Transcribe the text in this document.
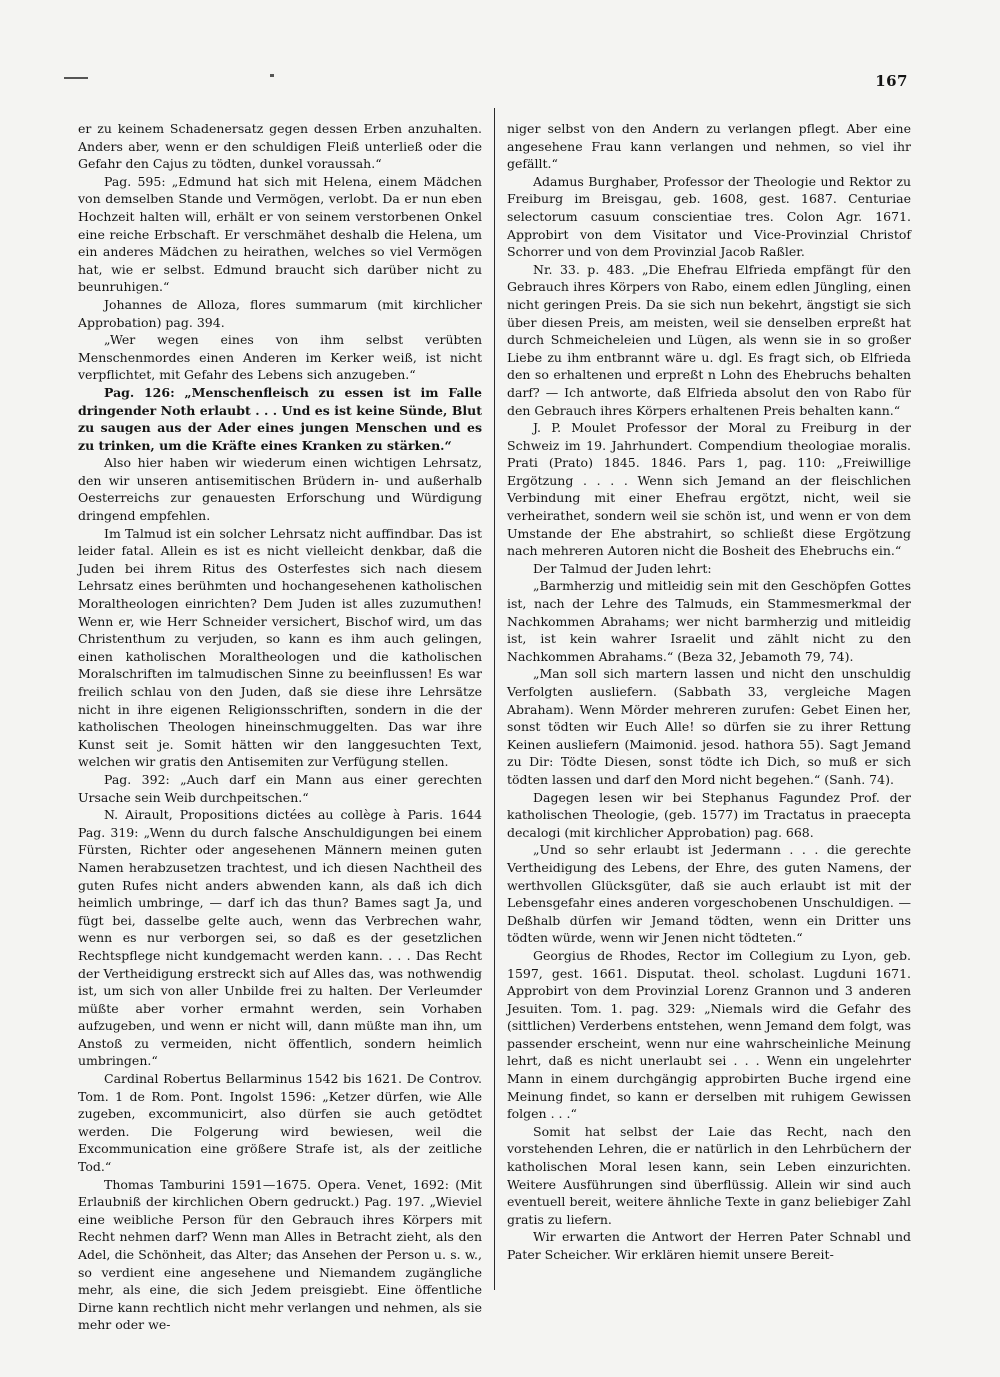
167

er zu keinem Schadenersatz gegen dessen Erben anzuhalten. Anders aber, wenn er den schuldigen Fleiß unterließ oder die Gefahr den Cajus zu tödten, dunkel voraussah.“

Pag. 595: „Edmund hat sich mit Helena, einem Mädchen von demselben Stande und Vermögen, verlobt. Da er nun eben Hochzeit halten will, erhält er von seinem verstorbenen Onkel eine reiche Erbschaft. Er verschmähet deshalb die Helena, um ein anderes Mädchen zu heirathen, welches so viel Vermögen hat, wie er selbst. Edmund braucht sich darüber nicht zu beunruhigen.“

Johannes de Alloza, flores summarum (mit kirchlicher Approbation) pag. 394.

„Wer wegen eines von ihm selbst verübten Menschenmordes einen Anderen im Kerker weiß, ist nicht verpflichtet, mit Gefahr des Lebens sich anzugeben.“

Pag. 126: „Menschenfleisch zu essen ist im Falle dringender Noth erlaubt . . . Und es ist keine Sünde, Blut zu saugen aus der Ader eines jungen Menschen und es zu trinken, um die Kräfte eines Kranken zu stärken.“

Also hier haben wir wiederum einen wichtigen Lehrsatz, den wir unseren antisemitischen Brüdern in- und außerhalb Oesterreichs zur genauesten Erforschung und Würdigung dringend empfehlen.

Im Talmud ist ein solcher Lehrsatz nicht auffindbar. Das ist leider fatal. Allein es ist es nicht vielleicht denkbar, daß die Juden bei ihrem Ritus des Osterfestes sich nach diesem Lehrsatz eines berühmten und hochangesehenen katholischen Moraltheologen einrichten? Dem Juden ist alles zuzumuthen! Wenn er, wie Herr Schneider versichert, Bischof wird, um das Christenthum zu verjuden, so kann es ihm auch gelingen, einen katholischen Moraltheologen und die katholischen Moralschriften im talmudischen Sinne zu beeinflussen! Es war freilich schlau von den Juden, daß sie diese ihre Lehrsätze nicht in ihre eigenen Religionsschriften, sondern in die der katholischen Theologen hineinschmuggelten. Das war ihre Kunst seit je. Somit hätten wir den langgesuchten Text, welchen wir gratis den Antisemiten zur Verfügung stellen.

Pag. 392: „Auch darf ein Mann aus einer gerechten Ursache sein Weib durchpeitschen.“

N. Airault, Propositions dictées au collège à Paris. 1644 Pag. 319: „Wenn du durch falsche Anschuldigungen bei einem Fürsten, Richter oder angesehenen Männern meinen guten Namen herabzusetzen trachtest, und ich diesen Nachtheil des guten Rufes nicht anders abwenden kann, als daß ich dich heimlich umbringe, — darf ich das thun? Bames sagt Ja, und fügt bei, dasselbe gelte auch, wenn das Verbrechen wahr, wenn es nur verborgen sei, so daß es der gesetzlichen Rechtspflege nicht kundgemacht werden kann. . . . Das Recht der Vertheidigung erstreckt sich auf Alles das, was nothwendig ist, um sich von aller Unbilde frei zu halten. Der Verleumder müßte aber vorher ermahnt werden, sein Vorhaben aufzugeben, und wenn er nicht will, dann müßte man ihn, um Anstoß zu vermeiden, nicht öffentlich, sondern heimlich umbringen.“

Cardinal Robertus Bellarminus 1542 bis 1621. De Controv. Tom. 1 de Rom. Pont. Ingolst 1596: „Ketzer dürfen, wie Alle zugeben, excommunicirt, also dürfen sie auch getödtet werden. Die Folgerung wird bewiesen, weil die Excommunication eine größere Strafe ist, als der zeitliche Tod.“

Thomas Tamburini 1591—1675. Opera. Venet, 1692: (Mit Erlaubniß der kirchlichen Obern gedruckt.) Pag. 197. „Wieviel eine weibliche Person für den Gebrauch ihres Körpers mit Recht nehmen darf? Wenn man Alles in Betracht zieht, als den Adel, die Schönheit, das Alter; das Ansehen der Person u. s. w., so verdient eine angesehene und Niemandem zugängliche mehr, als eine, die sich Jedem preisgiebt. Eine öffentliche Dirne kann rechtlich nicht mehr verlangen und nehmen, als sie mehr oder we-

niger selbst von den Andern zu verlangen pflegt. Aber eine angesehene Frau kann verlangen und nehmen, so viel ihr gefällt.“

Adamus Burghaber, Professor der Theologie und Rektor zu Freiburg im Breisgau, geb. 1608, gest. 1687. Centuriae selectorum casuum conscientiae tres. Colon Agr. 1671. Approbirt von dem Visitator und Vice-Provinzial Christof Schorrer und von dem Provinzial Jacob Raßler.

Nr. 33. p. 483. „Die Ehefrau Elfrieda empfängt für den Gebrauch ihres Körpers von Rabo, einem edlen Jüngling, einen nicht geringen Preis. Da sie sich nun bekehrt, ängstigt sie sich über diesen Preis, am meisten, weil sie denselben erpreßt hat durch Schmeicheleien und Lügen, als wenn sie in so großer Liebe zu ihm entbrannt wäre u. dgl. Es fragt sich, ob Elfrieda den so erhaltenen und erpreßt n Lohn des Ehebruchs behalten darf? — Ich antworte, daß Elfrieda absolut den von Rabo für den Gebrauch ihres Körpers erhaltenen Preis behalten kann.“

J. P. Moulet Professor der Moral zu Freiburg in der Schweiz im 19. Jahrhundert. Compendium theologiae moralis. Prati (Prato) 1845. 1846. Pars 1, pag. 110: „Freiwillige Ergötzung . . . . Wenn sich Jemand an der fleischlichen Verbindung mit einer Ehefrau ergötzt, nicht, weil sie verheirathet, sondern weil sie schön ist, und wenn er von dem Umstande der Ehe abstrahirt, so schließt diese Ergötzung nach mehreren Autoren nicht die Bosheit des Ehebruchs ein.“

Der Talmud der Juden lehrt:

„Barmherzig und mitleidig sein mit den Geschöpfen Gottes ist, nach der Lehre des Talmuds, ein Stammesmerkmal der Nachkommen Abrahams; wer nicht barmherzig und mitleidig ist, ist kein wahrer Israelit und zählt nicht zu den Nachkommen Abrahams.“ (Beza 32, Jebamoth 79, 74).

„Man soll sich martern lassen und nicht den unschuldig Verfolgten ausliefern. (Sabbath 33, vergleiche Magen Abraham). Wenn Mörder mehreren zurufen: Gebet Einen her, sonst tödten wir Euch Alle! so dürfen sie zu ihrer Rettung Keinen ausliefern (Maimonid. jesod. hathora 55). Sagt Jemand zu Dir: Tödte Diesen, sonst tödte ich Dich, so muß er sich tödten lassen und darf den Mord nicht begehen.“ (Sanh. 74).

Dagegen lesen wir bei Stephanus Fagundez Prof. der katholischen Theologie, (geb. 1577) im Tractatus in praecepta decalogi (mit kirchlicher Approbation) pag. 668.

„Und so sehr erlaubt ist Jedermann . . . die gerechte Vertheidigung des Lebens, der Ehre, des guten Namens, der werthvollen Glücksgüter, daß sie auch erlaubt ist mit der Lebensgefahr eines anderen vorgeschobenen Unschuldigen. — Deßhalb dürfen wir Jemand tödten, wenn ein Dritter uns tödten würde, wenn wir Jenen nicht tödteten.“

Georgius de Rhodes, Rector im Collegium zu Lyon, geb. 1597, gest. 1661. Disputat. theol. scholast. Lugduni 1671. Approbirt von dem Provinzial Lorenz Grannon und 3 anderen Jesuiten. Tom. 1. pag. 329: „Niemals wird die Gefahr des (sittlichen) Verderbens entstehen, wenn Jemand dem folgt, was passender erscheint, wenn nur eine wahrscheinliche Meinung lehrt, daß es nicht unerlaubt sei . . . Wenn ein ungelehrter Mann in einem durchgängig approbirten Buche irgend eine Meinung findet, so kann er derselben mit ruhigem Gewissen folgen . . .“

Somit hat selbst der Laie das Recht, nach den vorstehenden Lehren, die er natürlich in den Lehrbüchern der katholischen Moral lesen kann, sein Leben einzurichten. Weitere Ausführungen sind überflüssig. Allein wir sind auch eventuell bereit, weitere ähnliche Texte in ganz beliebiger Zahl gratis zu liefern.

Wir erwarten die Antwort der Herren Pater Schnabl und Pater Scheicher. Wir erklären hiemit unsere Bereit-
